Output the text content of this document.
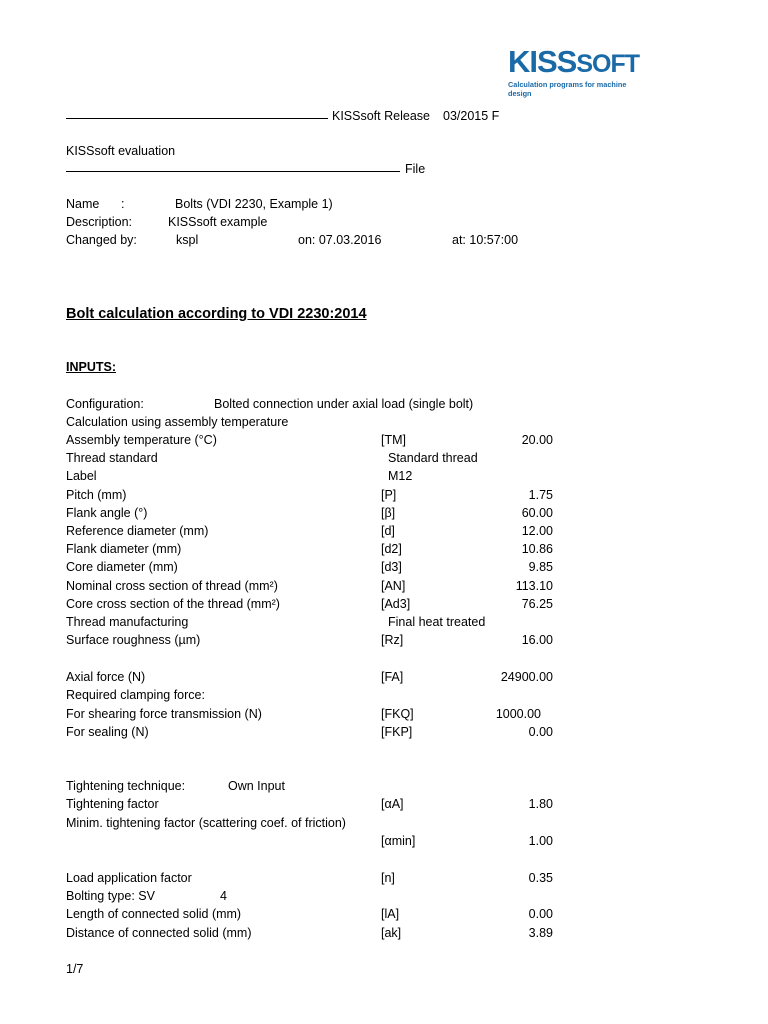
KISSSOFT
Calculation programs for machine design
KISSsoft Release 03/2015 F
KISSsoft evaluation
File
Name :	Bolts (VDI 2230, Example 1)
Description:	KISSsoft example
Changed by:	kspl	on: 07.03.2016	at: 10:57:00
Bolt calculation according to VDI 2230:2014
INPUTS:
Configuration:	Bolted connection under axial load (single bolt)
Calculation using assembly temperature
Assembly temperature (°C)	[TM]	20.00
Thread standard	Standard thread
Label	M12
Pitch (mm)	[P]	1.75
Flank angle (°)	[β]	60.00
Reference diameter (mm)	[d]	12.00
Flank diameter (mm)	[d2]	10.86
Core diameter (mm)	[d3]	9.85
Nominal cross section of thread (mm²)	[AN]	113.10
Core cross section of the thread (mm²)	[Ad3]	76.25
Thread manufacturing	Final heat treated
Surface roughness (µm)	[Rz]	16.00
Axial force (N)	[FA]	24900.00
Required clamping force:
For shearing force transmission (N)	[FKQ]	1000.00
For sealing (N)	[FKP]	0.00
Tightening technique:	Own Input
Tightening factor	[αA]	1.80
Minim. tightening factor (scattering coef. of friction)
[αmin]	1.00
Load application factor	[n]	0.35
Bolting type: SV	4
Length of connected solid (mm)	[lA]	0.00
Distance of connected solid (mm)	[ak]	3.89
1/7
